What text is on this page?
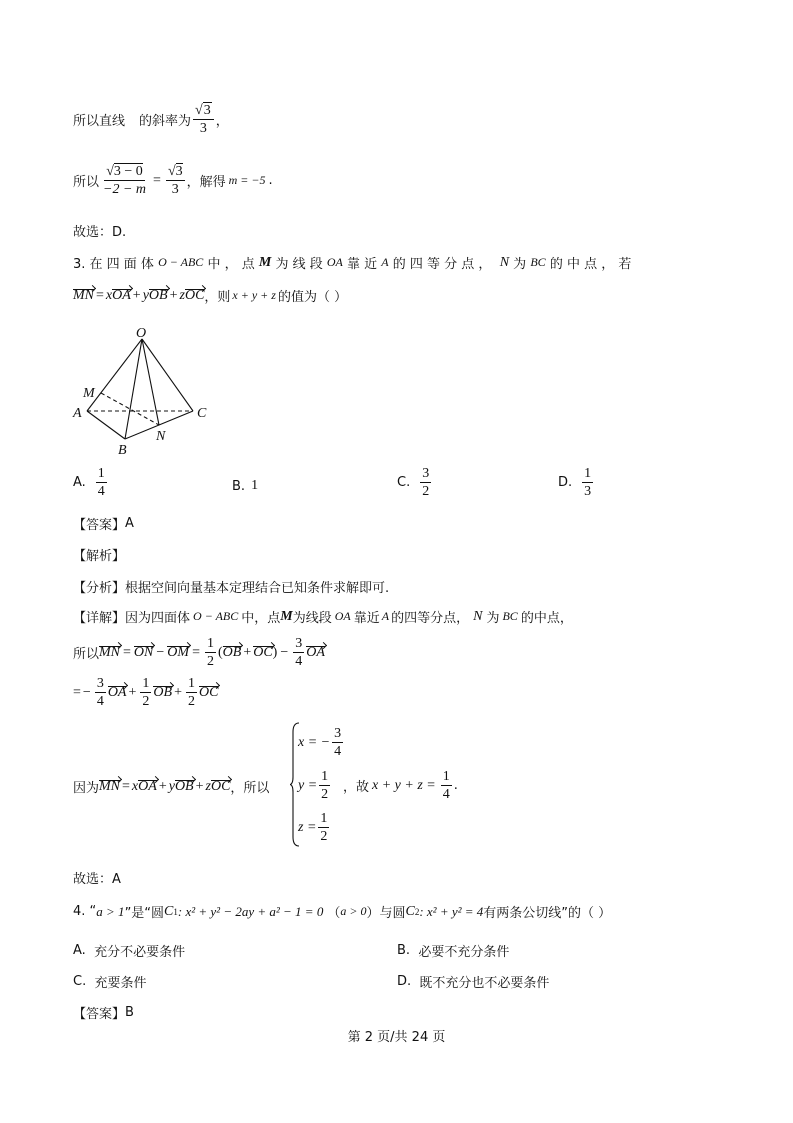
所以直线 的斜率为 $\frac{√ 3}{3}$ ，
所以 $\frac{√3 - 0}{-2 - m} = \frac{√3}{3}$ ，解得 m = −5 .
故选：D.
3. 在 四 面 体
O − ABC
中 ， 点
M
为 线 段
OA
靠 近
A
的 四 等 分 点 ，
N
为
BC
的 中 点 ， 若
MN = x OA + y OB + z OC ，则 x + y + z 的值为（ ）
O
M
A
B
C
N
A. $\frac{1}{4}$	B. 1	C. $\frac{3}{2}$	D. $\frac{1}{3}$
【答案】 A
【解析】
【分析】 根据空间向量基本定理结合已知条件求解即可.
【详解】 因为四面体 O − ABC 中，点 M 为线段 OA 靠近 A 的四等分点， N 为 BC 的中点，
所以 MN = ON − OM = $\frac{1}{2}$ ( OB + OC ) − $\frac{3}{4}$ OA
= − $\frac{3}{4}$ OA + $\frac{1}{2}$ OB + $\frac{1}{2}$ OC
因为 MN = x OA + y OB + z OC ，所以
x = − $\frac{3}{4}$
$y = \frac{1}{2}$
$z = \frac{1}{2}$
，故 $x + y + z = \frac{1}{4}$ .
故选：A
4. “ a > 1 ”是“圆 C 1 : x² + y² − 2ay + a² − 1 = 0 （ a > 0 ）与圆 C 2 : x² + y² = 4 有两条公切线”的（ ）
A.
充分不必要条件	B.
必要不充分条件
C.
充要条件	D.
既不充分也不必要条件
【答案】 B
第 2 页/共 24 页
